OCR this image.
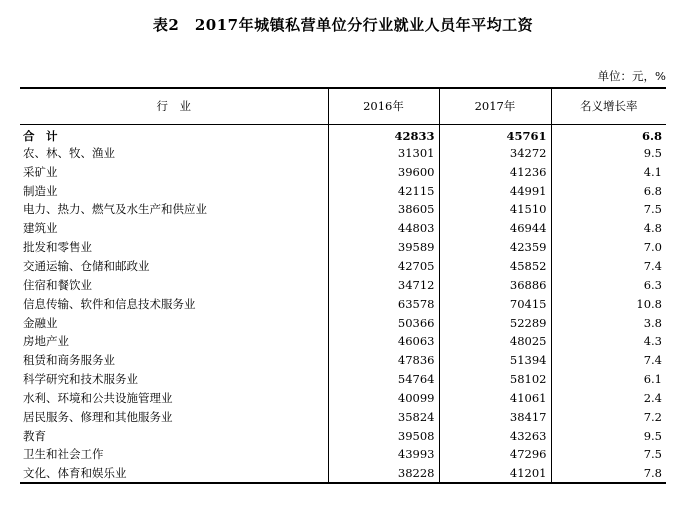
表2　2017年城镇私营单位分行业就业人员年平均工资
单位：元，%
行　业	2016年	2017年	名义增长率
合　计	42833	45761	6.8
农、林、牧、渔业	31301	34272	9.5
采矿业	39600	41236	4.1
制造业	42115	44991	6.8
电力、热力、燃气及水生产和供应业	38605	41510	7.5
建筑业	44803	46944	4.8
批发和零售业	39589	42359	7.0
交通运输、仓储和邮政业	42705	45852	7.4
住宿和餐饮业	34712	36886	6.3
信息传输、软件和信息技术服务业	63578	70415	10.8
金融业	50366	52289	3.8
房地产业	46063	48025	4.3
租赁和商务服务业	47836	51394	7.4
科学研究和技术服务业	54764	58102	6.1
水利、环境和公共设施管理业	40099	41061	2.4
居民服务、修理和其他服务业	35824	38417	7.2
教育	39508	43263	9.5
卫生和社会工作	43993	47296	7.5
文化、体育和娱乐业	38228	41201	7.8
